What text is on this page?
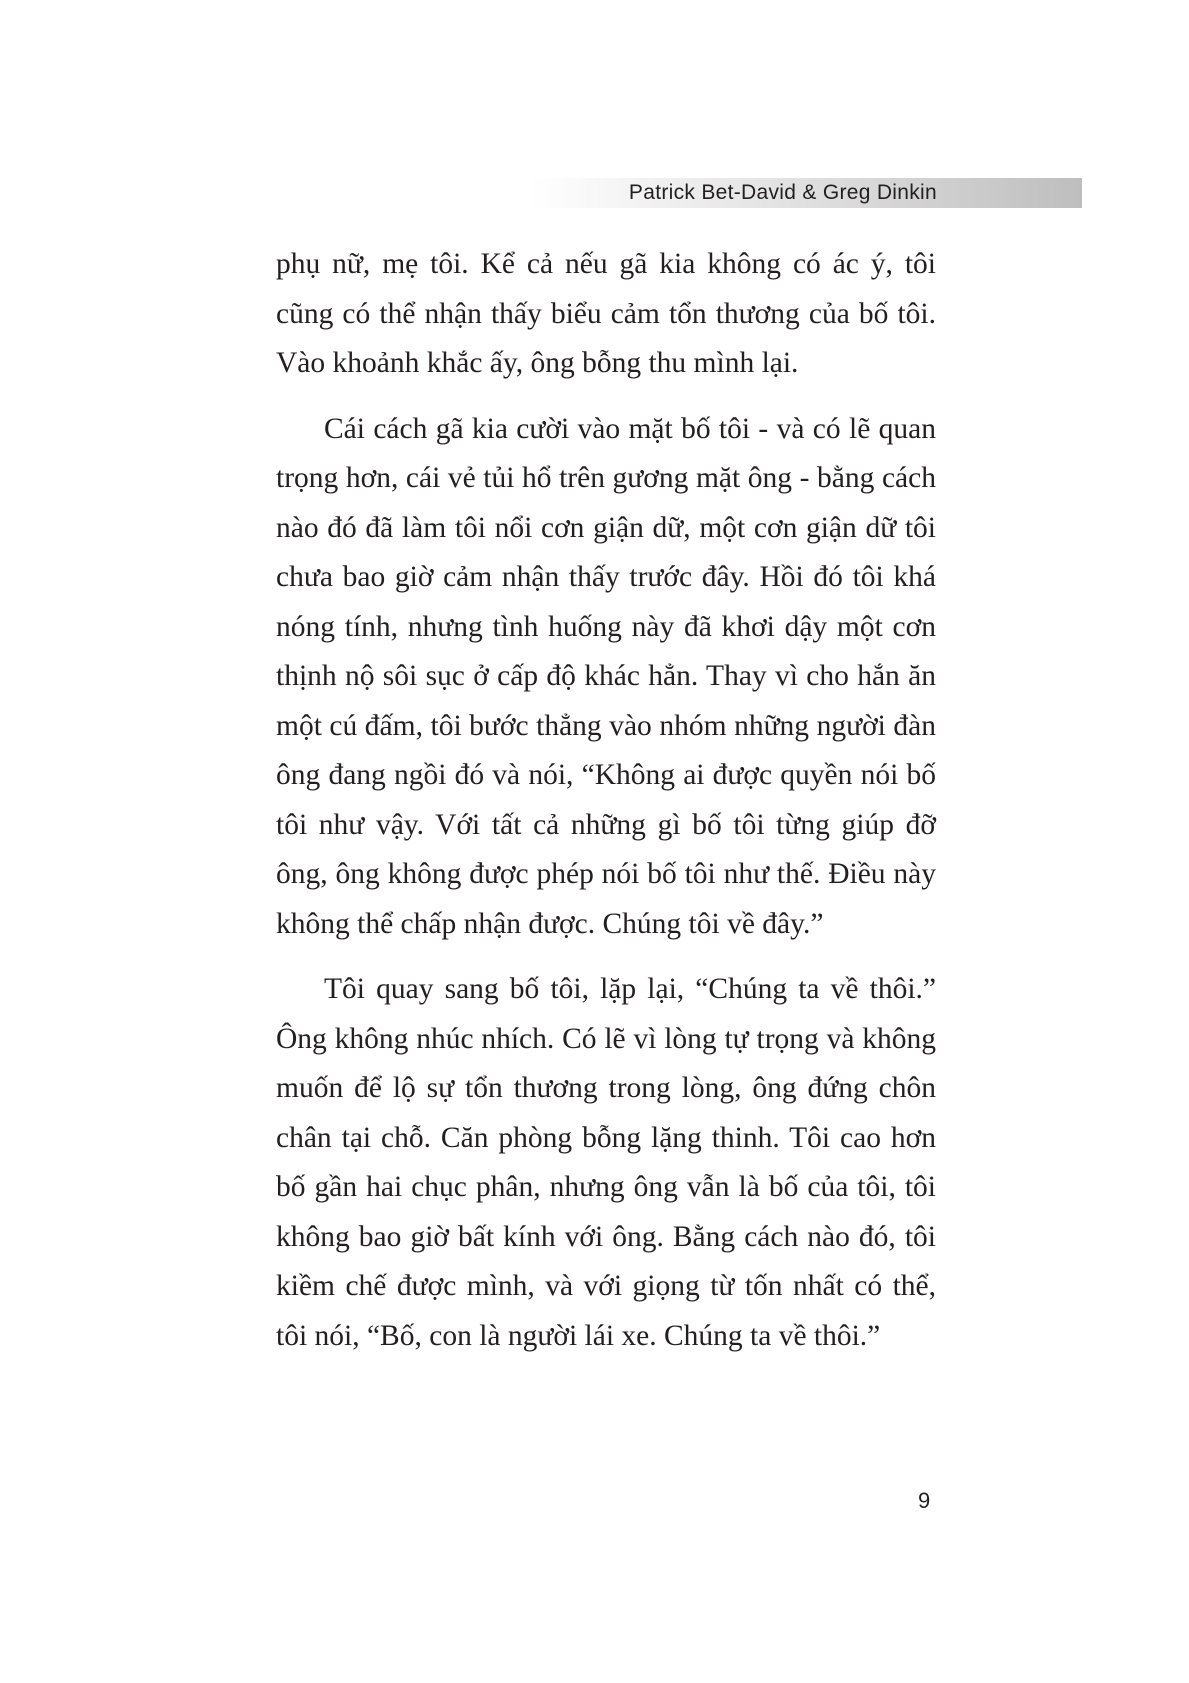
Patrick Bet-David & Greg Dinkin

phụ nữ, mẹ tôi. Kể cả nếu gã kia không có ác ý, tôi cũng có thể nhận thấy biểu cảm tổn thương của bố tôi. Vào khoảnh khắc ấy, ông bỗng thu mình lại.

Cái cách gã kia cười vào mặt bố tôi - và có lẽ quan trọng hơn, cái vẻ tủi hổ trên gương mặt ông - bằng cách nào đó đã làm tôi nổi cơn giận dữ, một cơn giận dữ tôi chưa bao giờ cảm nhận thấy trước đây. Hồi đó tôi khá nóng tính, nhưng tình huống này đã khơi dậy một cơn thịnh nộ sôi sục ở cấp độ khác hẳn. Thay vì cho hắn ăn một cú đấm, tôi bước thẳng vào nhóm những người đàn ông đang ngồi đó và nói, “Không ai được quyền nói bố tôi như vậy. Với tất cả những gì bố tôi từng giúp đỡ ông, ông không được phép nói bố tôi như thế. Điều này không thể chấp nhận được. Chúng tôi về đây.”

Tôi quay sang bố tôi, lặp lại, “Chúng ta về thôi.” Ông không nhúc nhích. Có lẽ vì lòng tự trọng và không muốn để lộ sự tổn thương trong lòng, ông đứng chôn chân tại chỗ. Căn phòng bỗng lặng thinh. Tôi cao hơn bố gần hai chục phân, nhưng ông vẫn là bố của tôi, tôi không bao giờ bất kính với ông. Bằng cách nào đó, tôi kiềm chế được mình, và với giọng từ tốn nhất có thể, tôi nói, “Bố, con là người lái xe. Chúng ta về thôi.”

9
